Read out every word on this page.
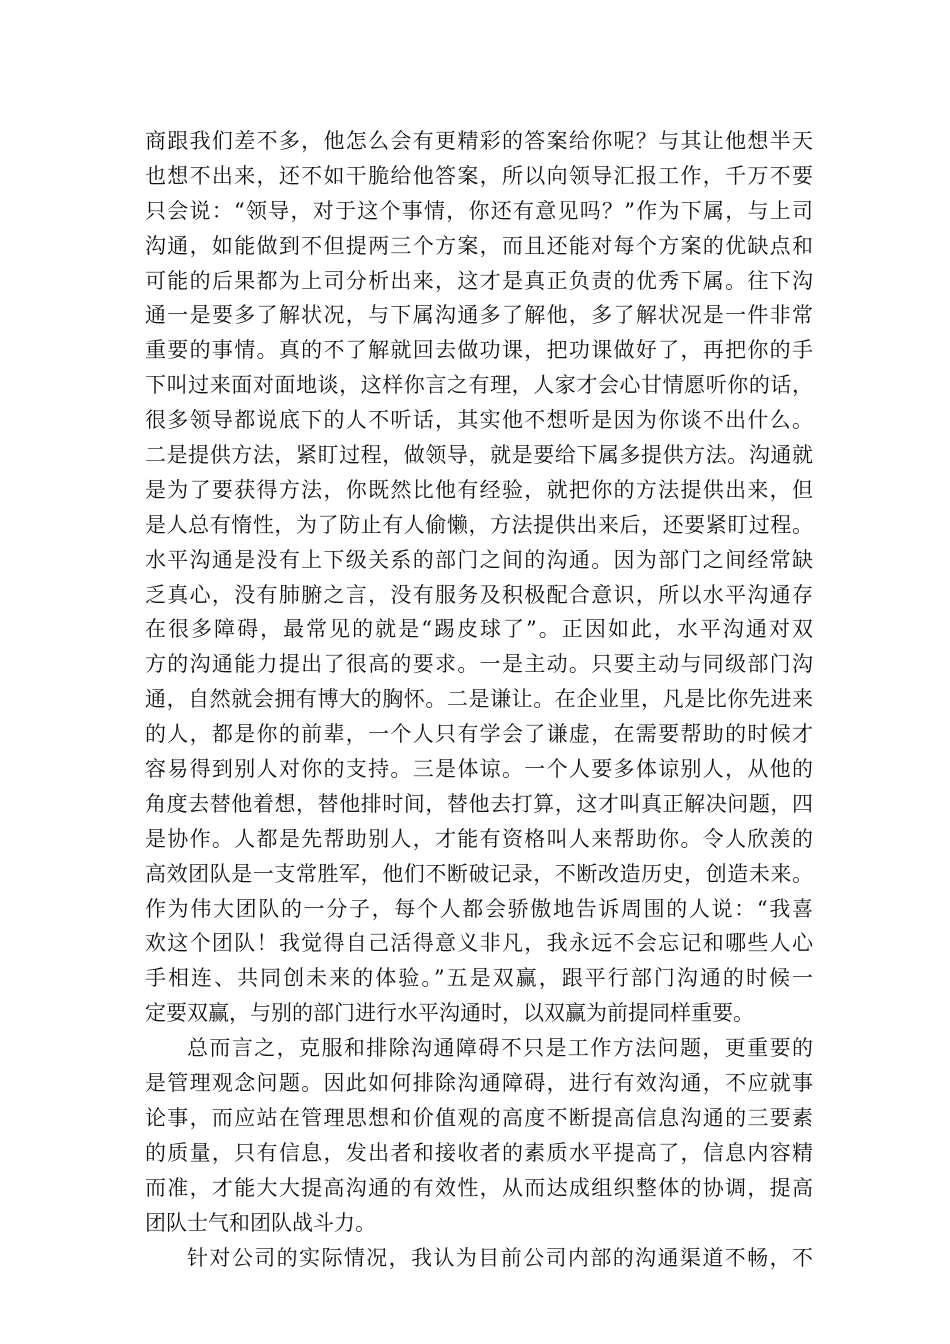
商跟我们差不多，他怎么会有更精彩的答案给你呢？与其让他想半天
也想不出来，还不如干脆给他答案，所以向领导汇报工作，千万不要
只会说：“领导，对于这个事情，你还有意见吗？”作为下属，与上司
沟通，如能做到不但提两三个方案，而且还能对每个方案的优缺点和
可能的后果都为上司分析出来，这才是真正负责的优秀下属。往下沟
通一是要多了解状况，与下属沟通多了解他，多了解状况是一件非常
重要的事情。真的不了解就回去做功课，把功课做好了，再把你的手
下叫过来面对面地谈，这样你言之有理，人家才会心甘情愿听你的话，
很多领导都说底下的人不听话，其实他不想听是因为你谈不出什么。
二是提供方法，紧盯过程，做领导，就是要给下属多提供方法。沟通就
是为了要获得方法，你既然比他有经验，就把你的方法提供出来，但
是人总有惰性，为了防止有人偷懒，方法提供出来后，还要紧盯过程。
水平沟通是没有上下级关系的部门之间的沟通。因为部门之间经常缺
乏真心，没有肺腑之言，没有服务及积极配合意识，所以水平沟通存
在很多障碍，最常见的就是“踢皮球了”。正因如此，水平沟通对双
方的沟通能力提出了很高的要求。一是主动。只要主动与同级部门沟
通，自然就会拥有博大的胸怀。二是谦让。在企业里，凡是比你先进来
的人，都是你的前辈，一个人只有学会了谦虚，在需要帮助的时候才
容易得到别人对你的支持。三是体谅。一个人要多体谅别人，从他的
角度去替他着想，替他排时间，替他去打算，这才叫真正解决问题，四
是协作。人都是先帮助别人，才能有资格叫人来帮助你。令人欣羡的
高效团队是一支常胜军，他们不断破记录，不断改造历史，创造未来。
作为伟大团队的一分子，每个人都会骄傲地告诉周围的人说：“我喜
欢这个团队！我觉得自己活得意义非凡，我永远不会忘记和哪些人心
手相连、共同创未来的体验。”五是双赢，跟平行部门沟通的时候一
定要双赢，与别的部门进行水平沟通时，以双赢为前提同样重要。
总而言之，克服和排除沟通障碍不只是工作方法问题，更重要的
是管理观念问题。因此如何排除沟通障碍，进行有效沟通，不应就事
论事，而应站在管理思想和价值观的高度不断提高信息沟通的三要素
的质量，只有信息，发出者和接收者的素质水平提高了，信息内容精
而准，才能大大提高沟通的有效性，从而达成组织整体的协调，提高
团队士气和团队战斗力。
针对公司的实际情况，我认为目前公司内部的沟通渠道不畅，不
